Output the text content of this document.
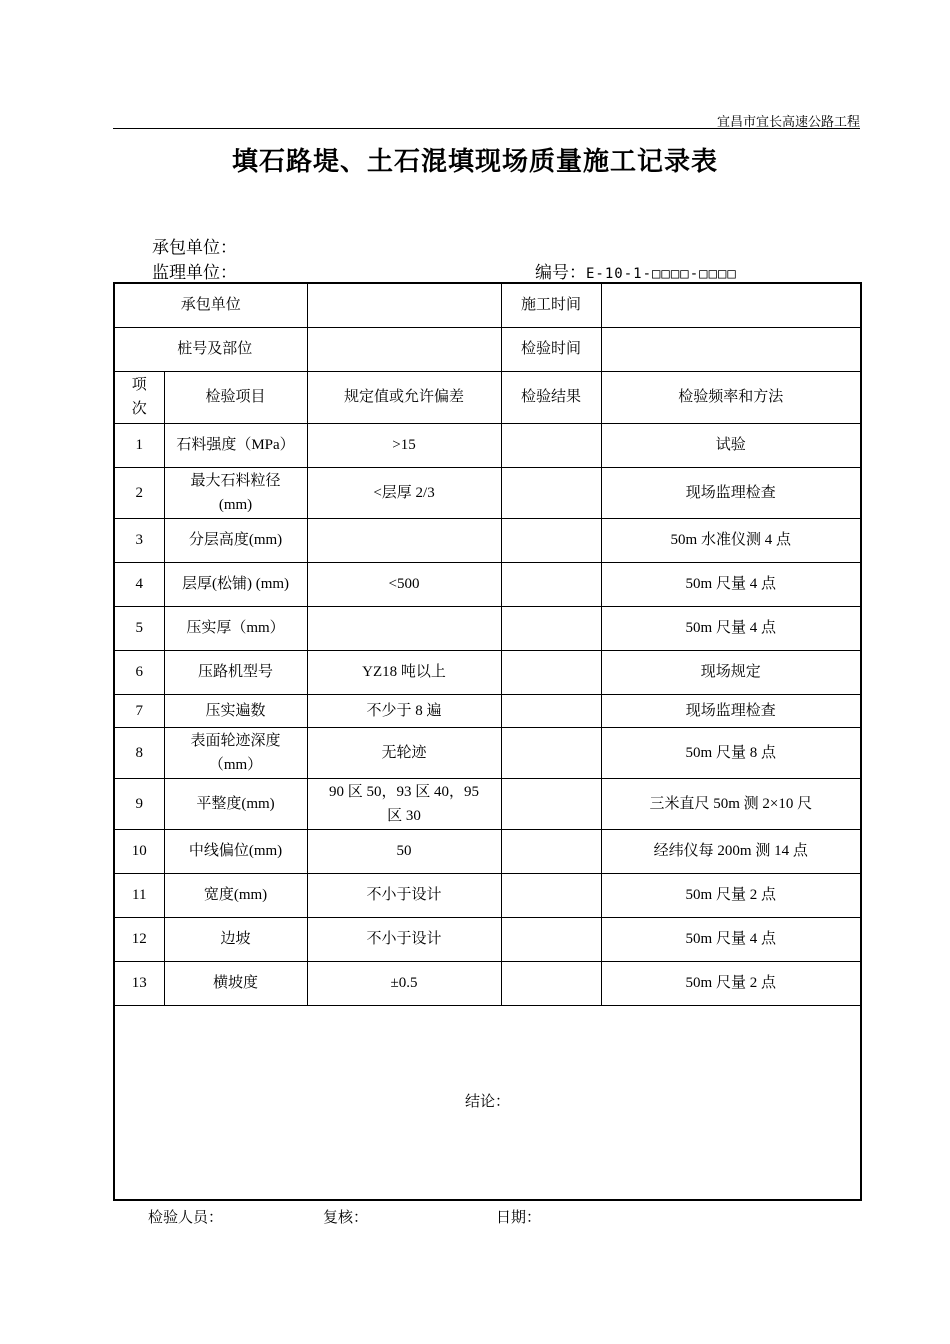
宜昌市宜长高速公路工程
填石路堤、土石混填现场质量施工记录表
承包单位：
监理单位：	编号：E-10-1-□□□□-□□□□
承包单位			施工时间	
桩号及部位			检验时间	
项次	检验项目	规定值或允许偏差	检验结果	检验频率和方法
1	石料强度（MPa）	>15		试验
2	最大石料粒径(mm)	<层厚 2/3		现场监理检查
3	分层高度(mm)			50m 水准仪测 4 点
4	层厚(松铺) (mm)	<500		50m 尺量 4 点
5	压实厚（mm）			50m 尺量 4 点
6	压路机型号	YZ18 吨以上		现场规定
7	压实遍数	不少于 8 遍		现场监理检查
8	表面轮迹深度（mm）	无轮迹		50m 尺量 8 点
9	平整度(mm)	90 区 50，93 区 40，95 区 30		三米直尺 50m 测 2×10 尺
10	中线偏位(mm)	50		经纬仪每 200m 测 14 点
11	宽度(mm)	不小于设计		50m 尺量 2 点
12	边坡	不小于设计		50m 尺量 4 点
13	横坡度	±0.5		50m 尺量 2 点
结论：				
检验人员：	复核：	日期：
